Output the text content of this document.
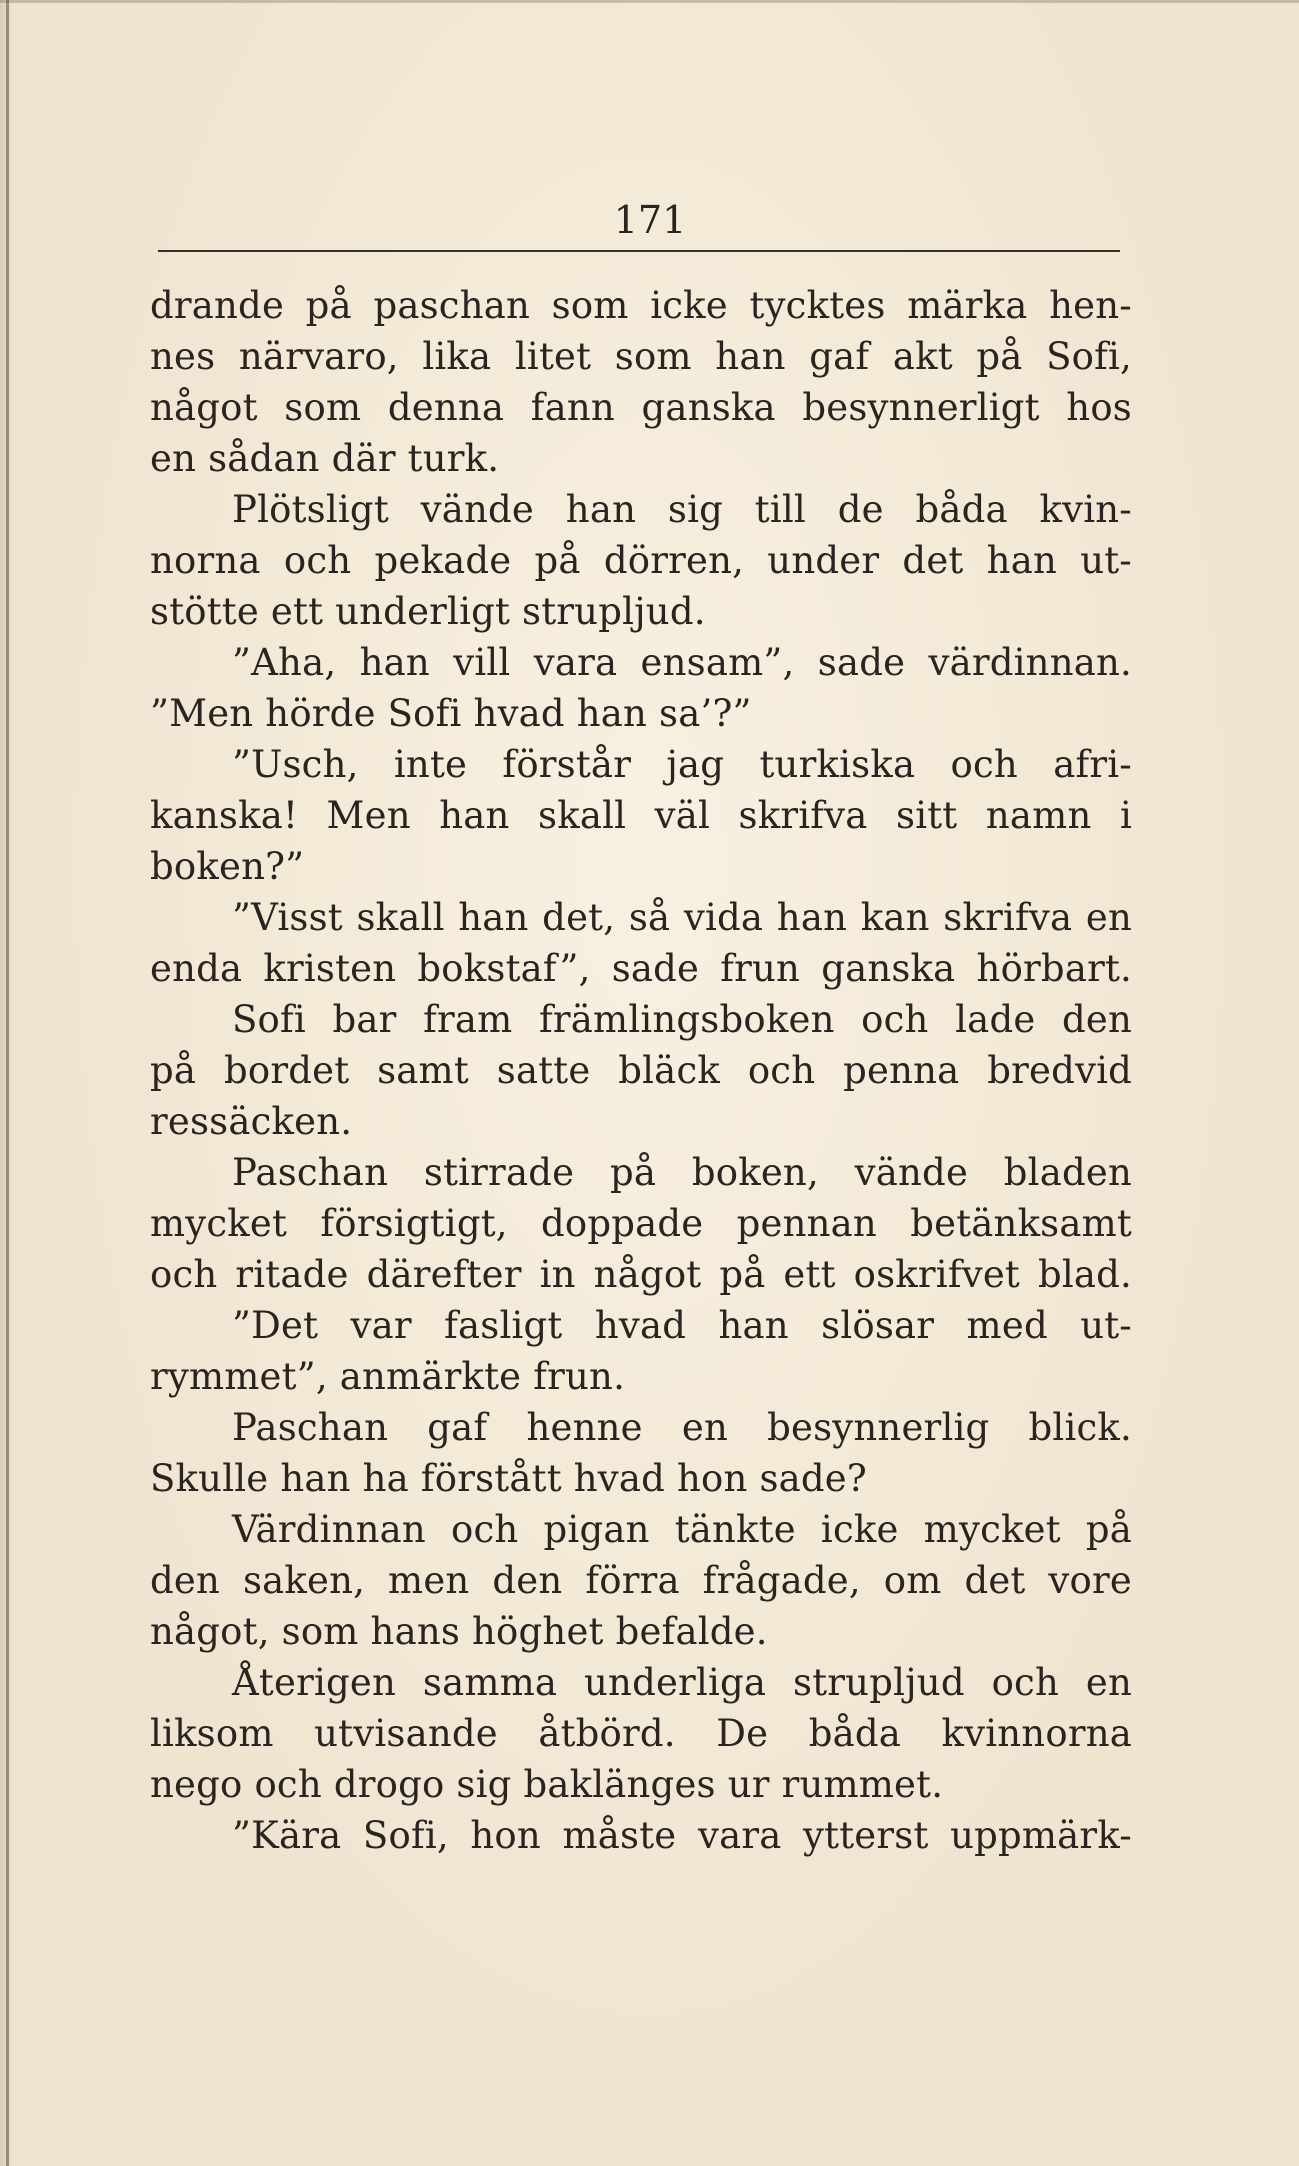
171
drande på paschan som icke tycktes märka hen-
nes närvaro, lika litet som han gaf akt på Sofi,
något som denna fann ganska besynnerligt hos
en sådan där turk.
Plötsligt vände han sig till de båda kvin-
norna och pekade på dörren, under det han ut-
stötte ett underligt strupljud.
”Aha, han vill vara ensam”, sade värdinnan.
”Men hörde Sofi hvad han sa’?”
”Usch, inte förstår jag turkiska och afri-
kanska! Men han skall väl skrifva sitt namn i
boken?”
”Visst skall han det, så vida han kan skrifva en
enda kristen bokstaf”, sade frun ganska hörbart.
Sofi bar fram främlingsboken och lade den
på bordet samt satte bläck och penna bredvid
ressäcken.
Paschan stirrade på boken, vände bladen
mycket försigtigt, doppade pennan betänksamt
och ritade därefter in något på ett oskrifvet blad.
”Det var fasligt hvad han slösar med ut-
rymmet”, anmärkte frun.
Paschan gaf henne en besynnerlig blick.
Skulle han ha förstått hvad hon sade?
Värdinnan och pigan tänkte icke mycket på
den saken, men den förra frågade, om det vore
något, som hans höghet befalde.
Återigen samma underliga strupljud och en
liksom utvisande åtbörd. De båda kvinnorna
nego och drogo sig baklänges ur rummet.
”Kära Sofi, hon måste vara ytterst uppmärk-
